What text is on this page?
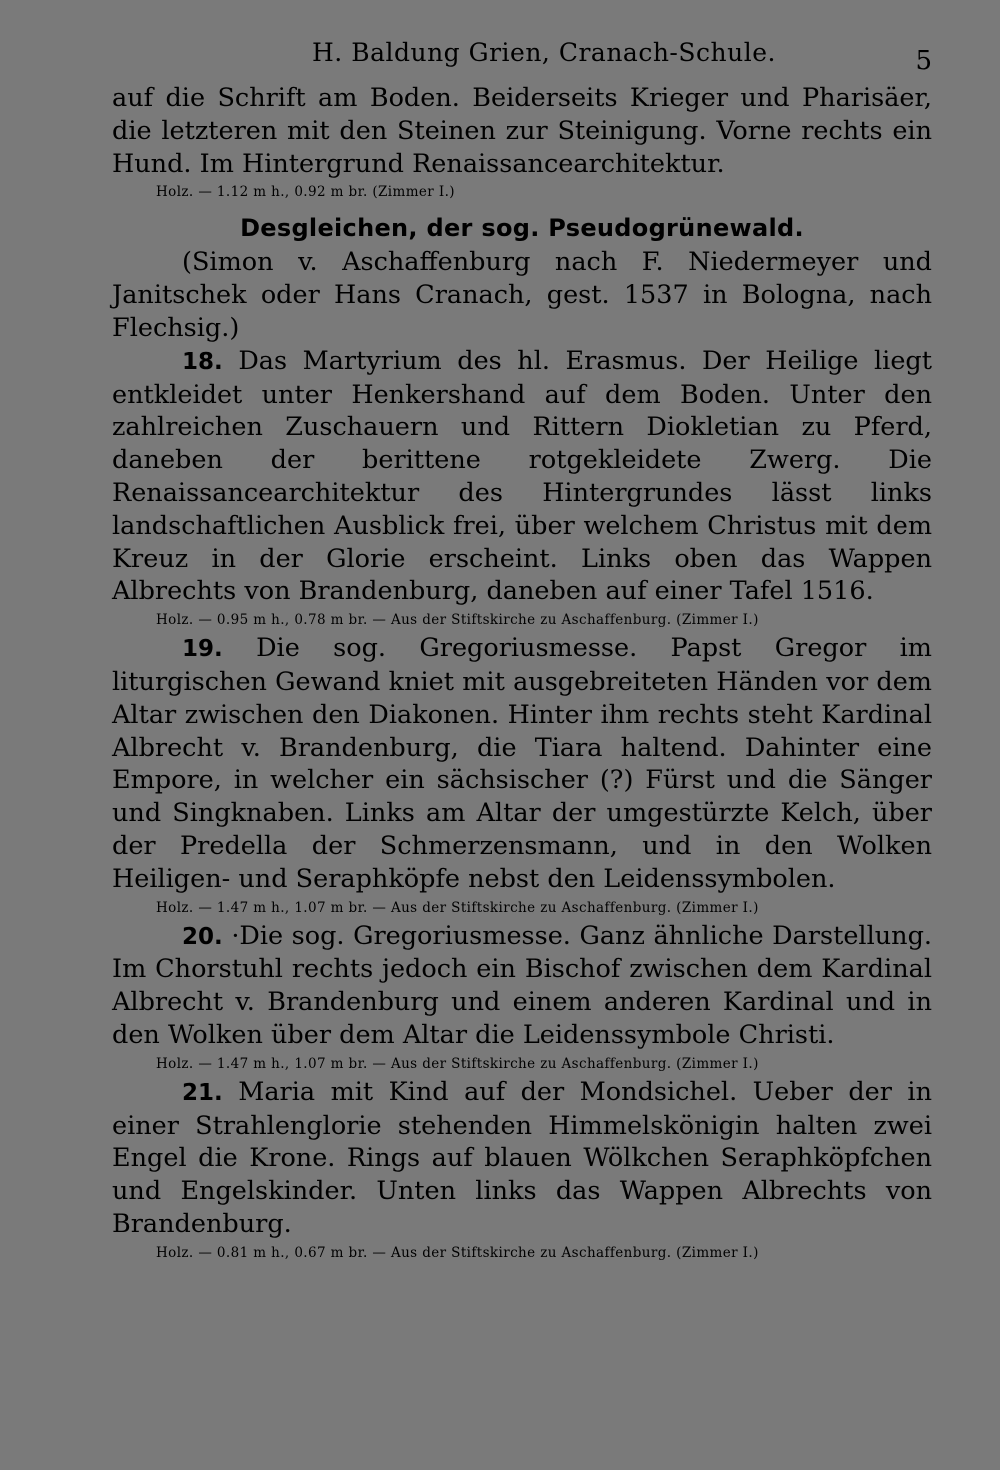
H. Baldung Grien, Cranach-Schule.	5

auf die Schrift am Boden. Beiderseits Krieger und Pharisäer, die letzteren mit den Steinen zur Steinigung. Vorne rechts ein Hund. Im Hintergrund Renaissancearchitektur.

Holz. — 1.12 m h., 0.92 m br. (Zimmer I.)

Desgleichen, der sog. Pseudogrünewald.

(Simon v. Aschaffenburg nach F. Niedermeyer und Janitschek oder Hans Cranach, gest. 1537 in Bologna, nach Flechsig.)

18. Das Martyrium des hl. Erasmus. Der Heilige liegt entkleidet unter Henkershand auf dem Boden. Unter den zahlreichen Zuschauern und Rittern Diokletian zu Pferd, daneben der berittene rotgekleidete Zwerg. Die Renaissancearchitektur des Hintergrundes lässt links landschaftlichen Ausblick frei, über welchem Christus mit dem Kreuz in der Glorie erscheint. Links oben das Wappen Albrechts von Brandenburg, daneben auf einer Tafel 1516.

Holz. — 0.95 m h., 0.78 m br. — Aus der Stiftskirche zu Aschaffenburg. (Zimmer I.)

19. Die sog. Gregoriusmesse. Papst Gregor im liturgischen Gewand kniet mit ausgebreiteten Händen vor dem Altar zwischen den Diakonen. Hinter ihm rechts steht Kardinal Albrecht v. Brandenburg, die Tiara haltend. Dahinter eine Empore, in welcher ein sächsischer (?) Fürst und die Sänger und Singknaben. Links am Altar der umgestürzte Kelch, über der Predella der Schmerzensmann, und in den Wolken Heiligen- und Seraphköpfe nebst den Leidenssymbolen.

Holz. — 1.47 m h., 1.07 m br. — Aus der Stiftskirche zu Aschaffenburg. (Zimmer I.)

20. ·Die sog. Gregoriusmesse. Ganz ähnliche Darstellung. Im Chorstuhl rechts jedoch ein Bischof zwischen dem Kardinal Albrecht v. Brandenburg und einem anderen Kardinal und in den Wolken über dem Altar die Leidenssymbole Christi.

Holz. — 1.47 m h., 1.07 m br. — Aus der Stiftskirche zu Aschaffenburg. (Zimmer I.)

21. Maria mit Kind auf der Mondsichel. Ueber der in einer Strahlenglorie stehenden Himmelskönigin halten zwei Engel die Krone. Rings auf blauen Wölkchen Seraphköpfchen und Engelskinder. Unten links das Wappen Albrechts von Brandenburg.

Holz. — 0.81 m h., 0.67 m br. — Aus der Stiftskirche zu Aschaffenburg. (Zimmer I.)
